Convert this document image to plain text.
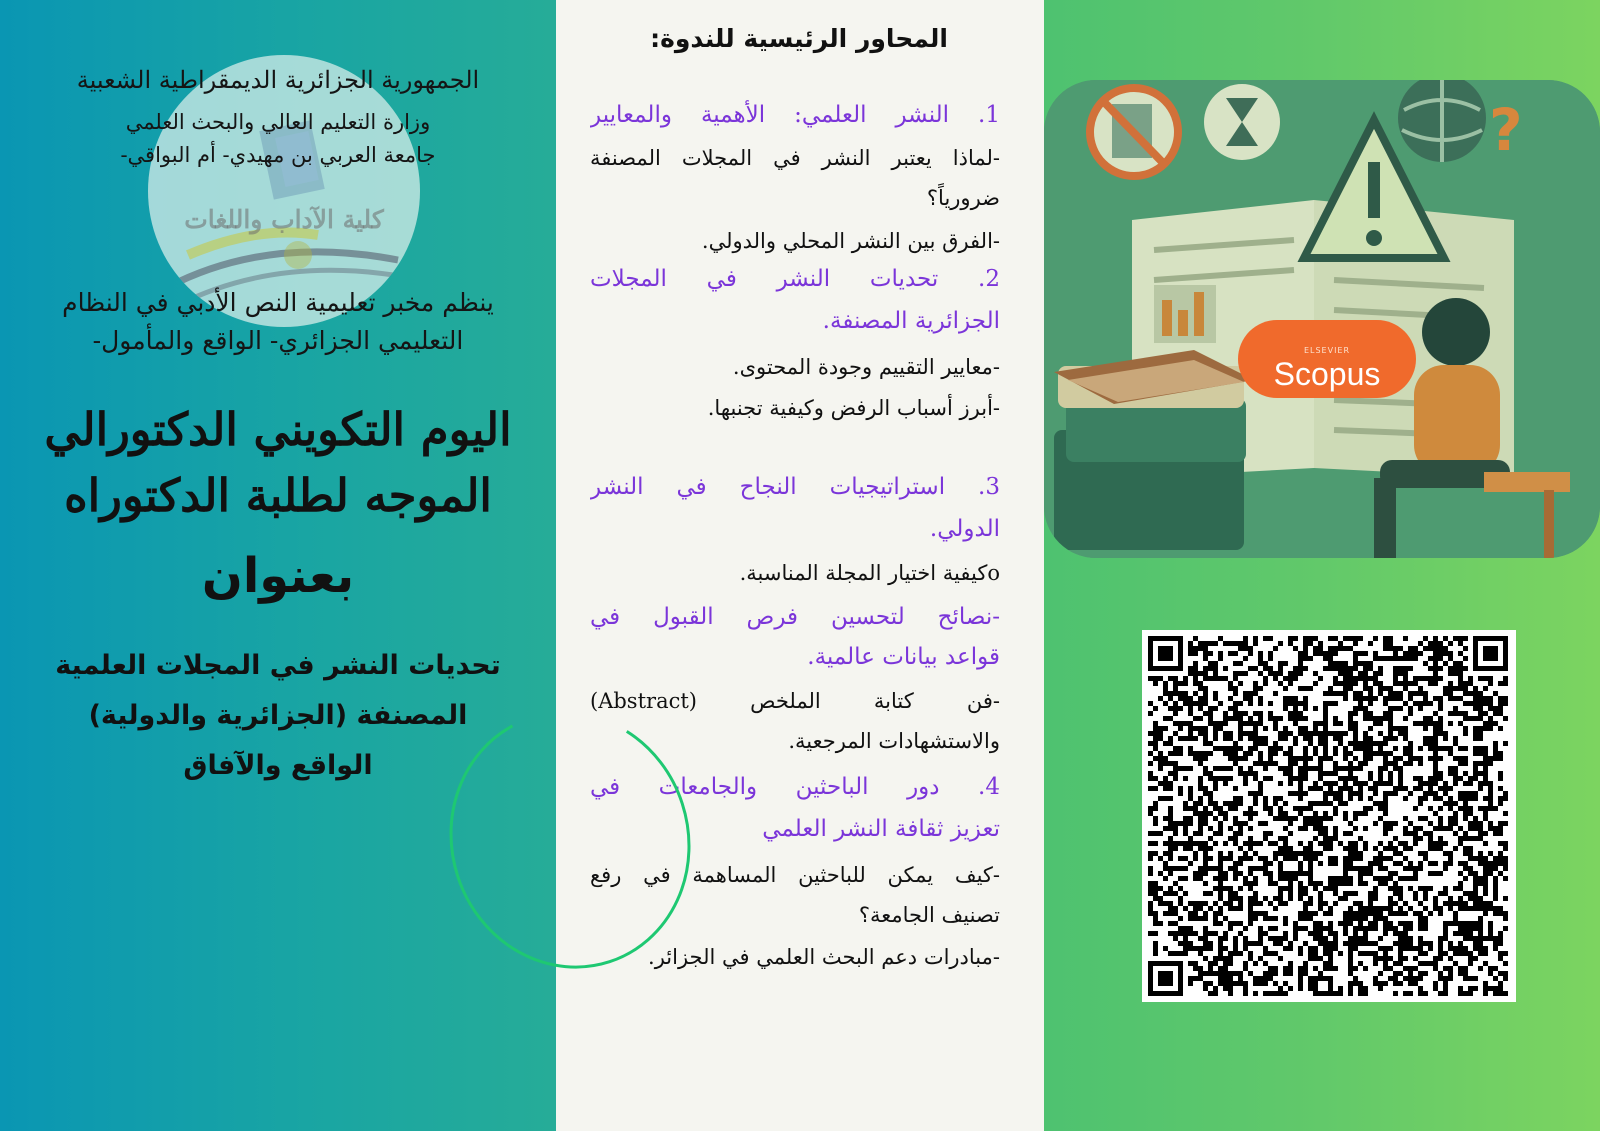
كلية الآداب واللغات
الجمهورية الجزائرية الديمقراطية الشعبية
وزارة التعليم العالي والبحث العلمي
جامعة العربي بن مهيدي- أم البواقي-
ينظم مخبر تعليمية النص الأدبي في النظام
التعليمي الجزائري- الواقع والمأمول-
اليوم التكويني الدكتورالي
الموجه لطلبة الدكتوراه
بعنوان
تحديات النشر في المجلات العلمية
المصنفة (الجزائرية والدولية)
الواقع والآفاق
المحاور الرئيسية للندوة:
1. النشر العلمي: الأهمية والمعايير
-لماذا يعتبر النشر في المجلات المصنفة
ضرورياً؟
-الفرق بين النشر المحلي والدولي.
2. تحديات النشر في المجلات
الجزائرية المصنفة.
-معايير التقييم وجودة المحتوى.
-أبرز أسباب الرفض وكيفية تجنبها.
3. استراتيجيات النجاح في النشر
الدولي.
oكيفية اختيار المجلة المناسبة.
-نصائح لتحسين فرص القبول في
قواعد بيانات عالمية.
-فن كتابة الملخص (Abstract)
والاستشهادات المرجعية.
4. دور الباحثين والجامعات في
تعزيز ثقافة النشر العلمي
-كيف يمكن للباحثين المساهمة في رفع
تصنيف الجامعة؟
-مبادرات دعم البحث العلمي في الجزائر.
?
ELSEVIER
Scopus
